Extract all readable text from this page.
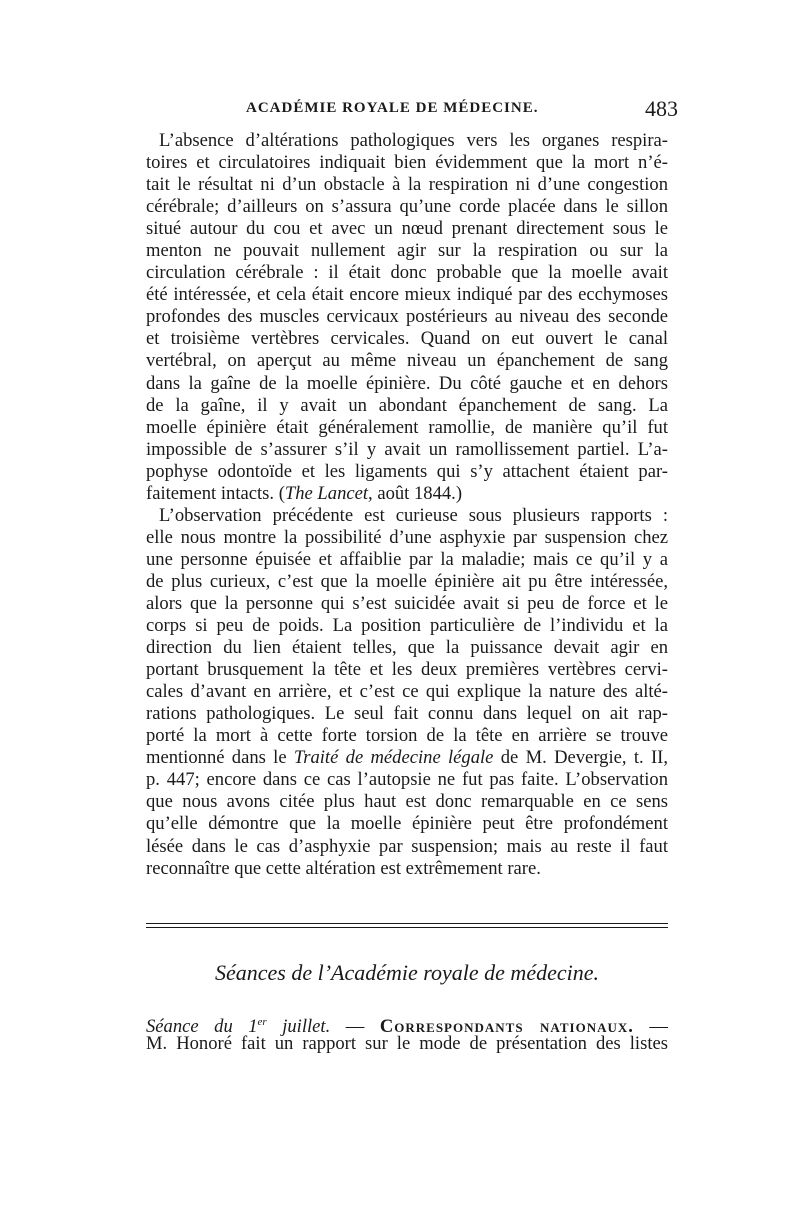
ACADÉMIE ROYALE DE MÉDECINE.	483
L’absence d’altérations pathologiques vers les organes respira-
toires et circulatoires indiquait bien évidemment que la mort n’é-
tait le résultat ni d’un obstacle à la respiration ni d’une congestion
cérébrale; d’ailleurs on s’assura qu’une corde placée dans le sillon
situé autour du cou et avec un nœud prenant directement sous le
menton ne pouvait nullement agir sur la respiration ou sur la
circulation cérébrale : il était donc probable que la moelle avait
été intéressée, et cela était encore mieux indiqué par des ecchymoses
profondes des muscles cervicaux postérieurs au niveau des seconde
et troisième vertèbres cervicales. Quand on eut ouvert le canal
vertébral, on aperçut au même niveau un épanchement de sang
dans la gaîne de la moelle épinière. Du côté gauche et en dehors
de la gaîne, il y avait un abondant épanchement de sang. La
moelle épinière était généralement ramollie, de manière qu’il fut
impossible de s’assurer s’il y avait un ramollissement partiel. L’a-
pophyse odontoïde et les ligaments qui s’y attachent étaient par-
faitement intacts. (The Lancet, août 1844.)
L’observation précédente est curieuse sous plusieurs rapports :
elle nous montre la possibilité d’une asphyxie par suspension chez
une personne épuisée et affaiblie par la maladie; mais ce qu’il y a
de plus curieux, c’est que la moelle épinière ait pu être intéressée,
alors que la personne qui s’est suicidée avait si peu de force et le
corps si peu de poids. La position particulière de l’individu et la
direction du lien étaient telles, que la puissance devait agir en
portant brusquement la tête et les deux premières vertèbres cervi-
cales d’avant en arrière, et c’est ce qui explique la nature des alté-
rations pathologiques. Le seul fait connu dans lequel on ait rap-
porté la mort à cette forte torsion de la tête en arrière se trouve
mentionné dans le Traité de médecine légale de M. Devergie, t. II,
p. 447; encore dans ce cas l’autopsie ne fut pas faite. L’observation
que nous avons citée plus haut est donc remarquable en ce sens
qu’elle démontre que la moelle épinière peut être profondément
lésée dans le cas d’asphyxie par suspension; mais au reste il faut
reconnaître que cette altération est extrêmement rare.
Séances de l’Académie royale de médecine.
Séance du 1er juillet. — Correspondants nationaux. —
M. Honoré fait un rapport sur le mode de présentation des listes
